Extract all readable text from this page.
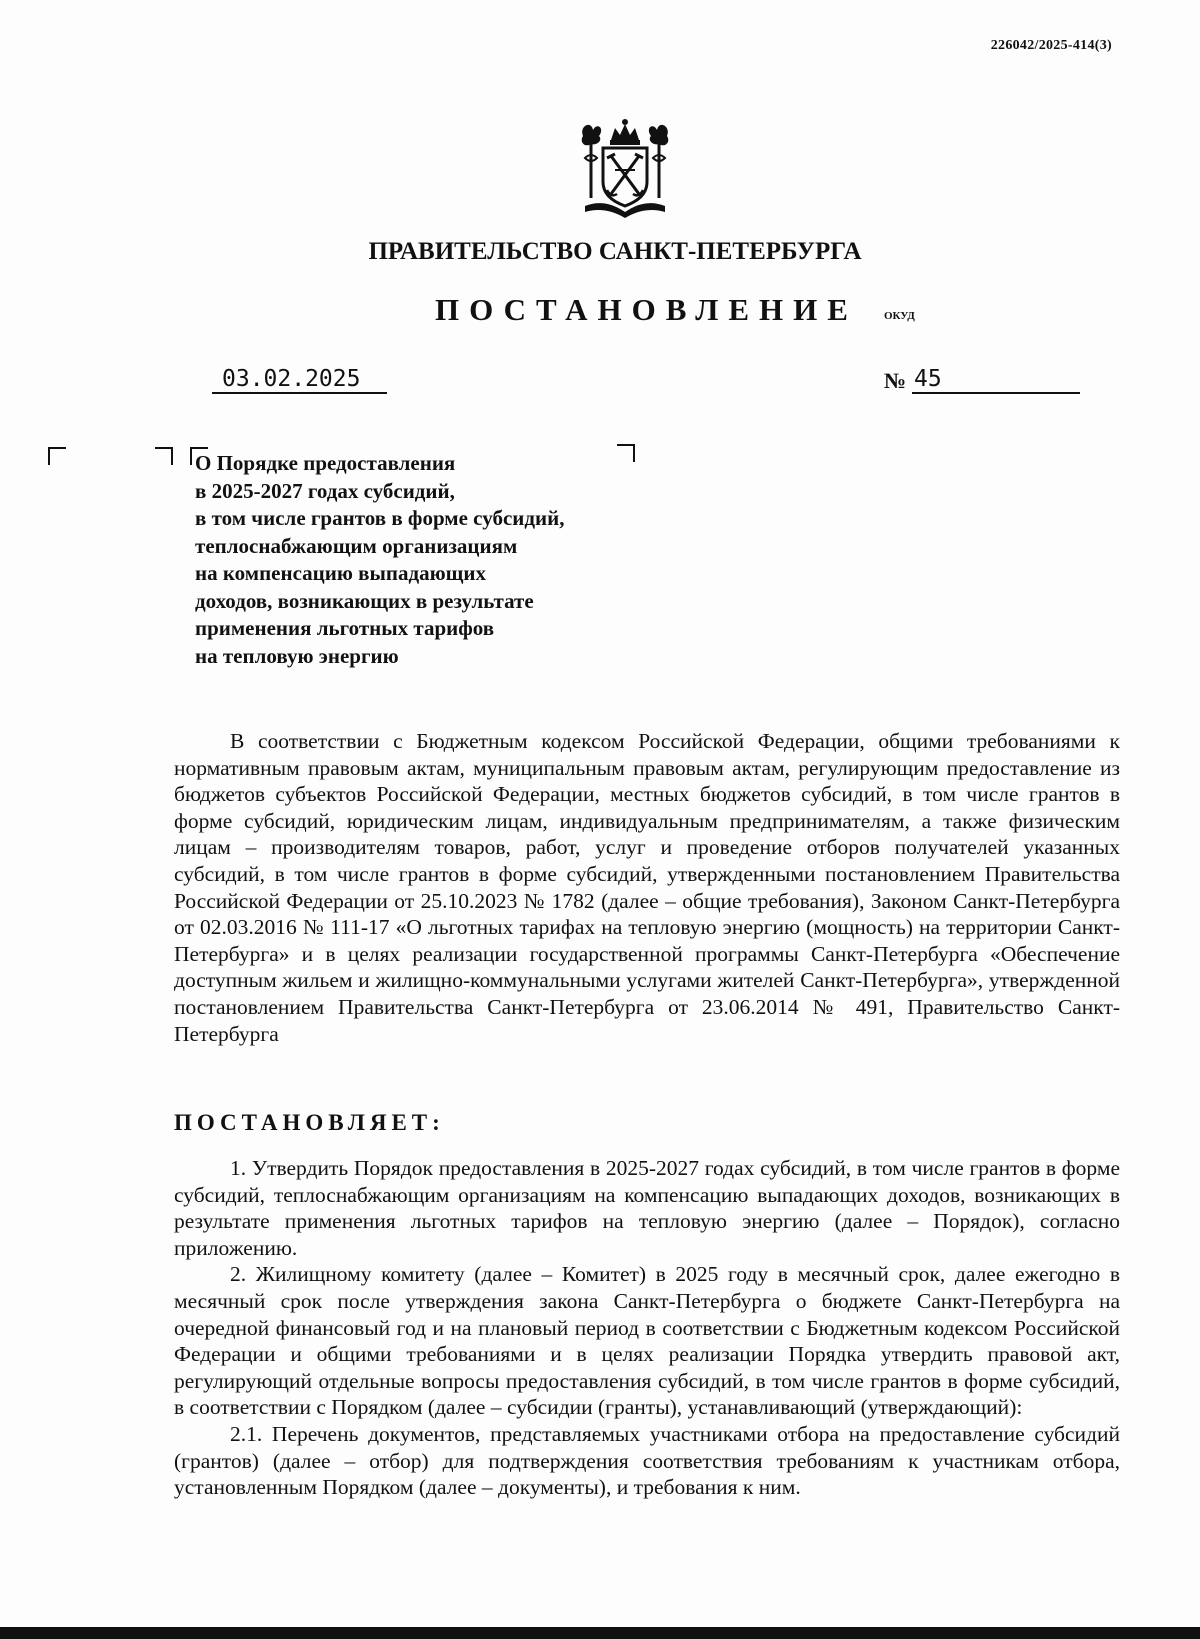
226042/2025-414(3)
ПРАВИТЕЛЬСТВО САНКТ-ПЕТЕРБУРГА
ПОСТАНОВЛЕНИЕ ОКУД
03.02.2025	№ 45
О Порядке предоставления
в 2025-2027 годах субсидий,
в том числе грантов в форме субсидий,
теплоснабжающим организациям
на компенсацию выпадающих
доходов, возникающих в результате
применения льготных тарифов
на тепловую энергию

В соответствии с Бюджетным кодексом Российской Федерации, общими требованиями к нормативным правовым актам, муниципальным правовым актам, регулирующим предоставление из бюджетов субъектов Российской Федерации, местных бюджетов субсидий, в том числе грантов в форме субсидий, юридическим лицам, индивидуальным предпринимателям, а также физическим лицам – производителям товаров, работ, услуг и проведение отборов получателей указанных субсидий, в том числе грантов в форме субсидий, утвержденными постановлением Правительства Российской Федерации от 25.10.2023 № 1782 (далее – общие требования), Законом Санкт-Петербурга от 02.03.2016 № 111-17 «О льготных тарифах на тепловую энергию (мощность) на территории Санкт-Петербурга» и в целях реализации государственной программы Санкт-Петербурга «Обеспечение доступным жильем и жилищно-коммунальными услугами жителей Санкт-Петербурга», утвержденной постановлением Правительства Санкт-Петербурга от 23.06.2014 № 491, Правительство Санкт-Петербурга

ПОСТАНОВЛЯЕТ:

1. Утвердить Порядок предоставления в 2025-2027 годах субсидий, в том числе грантов в форме субсидий, теплоснабжающим организациям на компенсацию выпадающих доходов, возникающих в результате применения льготных тарифов на тепловую энергию (далее – Порядок), согласно приложению.

2. Жилищному комитету (далее – Комитет) в 2025 году в месячный срок, далее ежегодно в месячный срок после утверждения закона Санкт-Петербурга о бюджете Санкт-Петербурга на очередной финансовый год и на плановый период в соответствии с Бюджетным кодексом Российской Федерации и общими требованиями и в целях реализации Порядка утвердить правовой акт, регулирующий отдельные вопросы предоставления субсидий, в том числе грантов в форме субсидий, в соответствии с Порядком (далее – субсидии (гранты), устанавливающий (утверждающий):

2.1. Перечень документов, представляемых участниками отбора на предоставление субсидий (грантов) (далее – отбор) для подтверждения соответствия требованиям к участникам отбора, установленным Порядком (далее – документы), и требования к ним.
